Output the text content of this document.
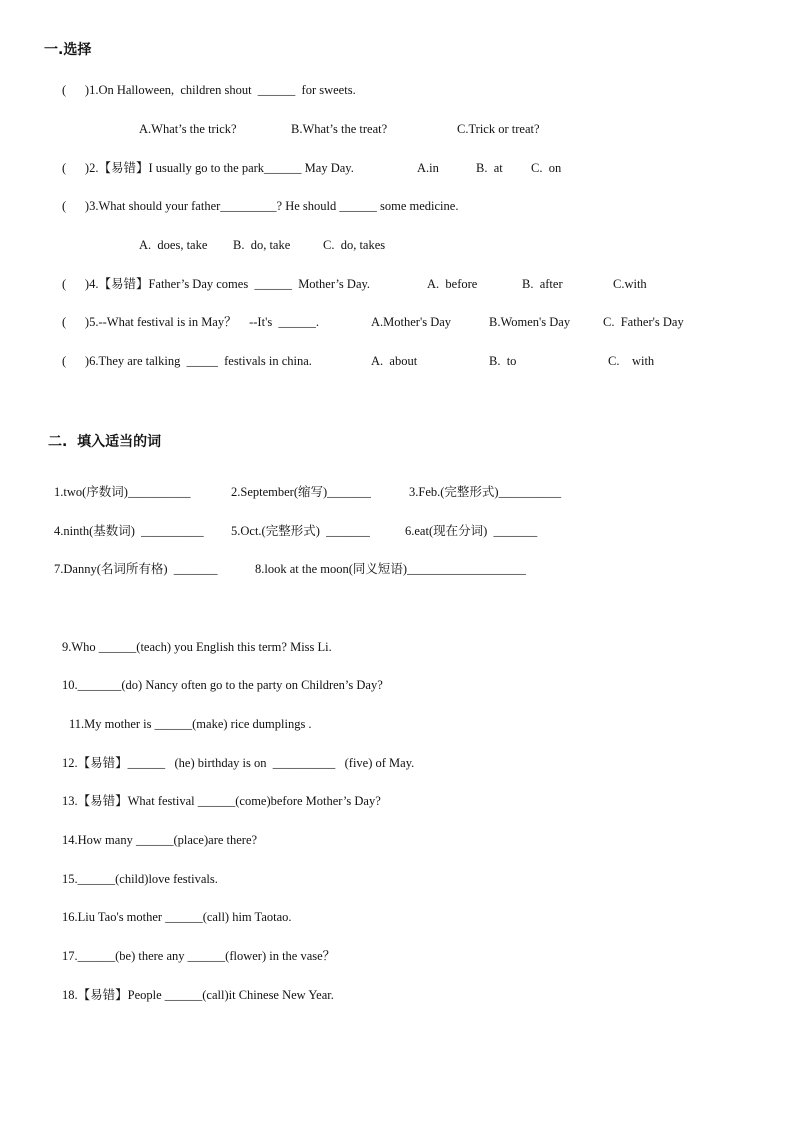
一.选择
(      )1.On Halloween,  children shout  ______  for sweets.
A.What’s the trick?	B.What’s the treat?	C.Trick or treat?
(      )2.【易错】I usually go to the park______ May Day.	A.in	B.  at C.  on
(      )3.What should your father_________? He should ______ some medicine.
A.  does, take B.  do, take	C.  do, takes
(      )4.【易错】Father’s Day comes  ______  Mother’s Day.	A.  before	B.  after	C.with
(      )5.--What festival is in May？    --It's  ______.	A.Mother's Day	B.Women's Day	C.  Father's Day
(      )6.They are talking  _____  festivals in china.	A.  about	B.  to	C.    with
二.  填入适当的词
1.two(序数词)__________	2.September(缩写)_______	3.Feb.(完整形式)__________
4.ninth(基数词)  __________ 5.Oct.(完整形式)  _______	6.eat(现在分词)  _______
7.Danny(名词所有格)  _______	8.look at the moon(同义短语)___________________
9.Who ______(teach) you English this term? Miss Li.
10._______(do) Nancy often go to the party on Children’s Day?
11.My mother is ______(make) rice dumplings .
12.【易错】______   (he) birthday is on  __________   (five) of May.
13.【易错】What festival ______(come)before Mother’s Day?
14.How many ______(place)are there?
15.______(child)love festivals.
16.Liu Tao's mother ______(call) him Taotao.
17.______(be) there any ______(flower) in the vase？
18.【易错】People ______(call)it Chinese New Year.
